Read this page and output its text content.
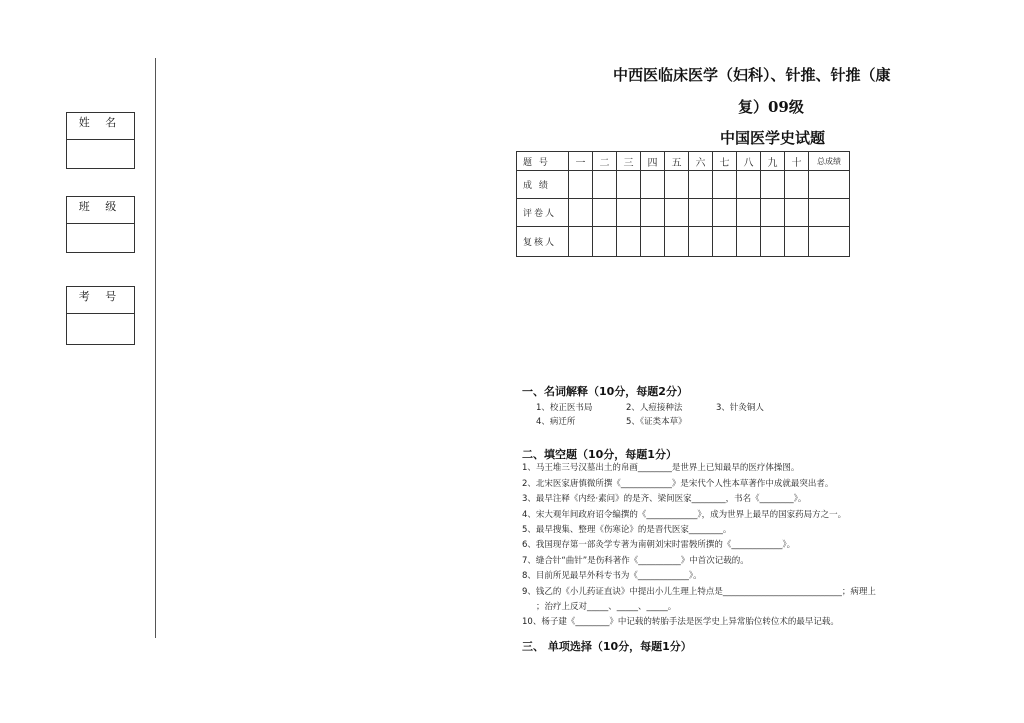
姓 名
班 级
考 号
中西医临床医学（妇科）、针推、针推（康
复）09级
中国医学史试题
题 号	一	二	三	四	五	六	七	八	九	十	总成绩
成 绩											
评卷人											
复核人											
一、名词解释（10分，每题2分）
1、校正医书局	2、人痘接种法	3、针灸铜人
4、病迁所	5、《证类本草》
二、填空题（10分，每题1分）
1、马王堆三号汉墓出土的帛画________是世界上已知最早的医疗体操图。
2、北宋医家唐慎微所撰《____________》是宋代个人性本草著作中成就最突出者。
3、最早注释《内经·素问》的是齐、梁间医家________，书名《________》。
4、宋大观年间政府诏令编撰的《____________》，成为世界上最早的国家药局方之一。
5、最早搜集、整理《伤寒论》的是晋代医家________。
6、我国现存第一部灸学专著为南朝刘宋时雷斅所撰的《____________》。
7、缝合针“曲针”是伤科著作《__________》中首次记载的。
8、目前所见最早外科专书为《____________》。
9、钱乙的《小儿药证直诀》中提出小儿生理上特点是____________________________；病理上
；治疗上反对_____、_____、_____。
10、杨子建《________》中记载的转胎手法是医学史上异常胎位转位术的最早记载。
三、 单项选择（10分，每题1分）
